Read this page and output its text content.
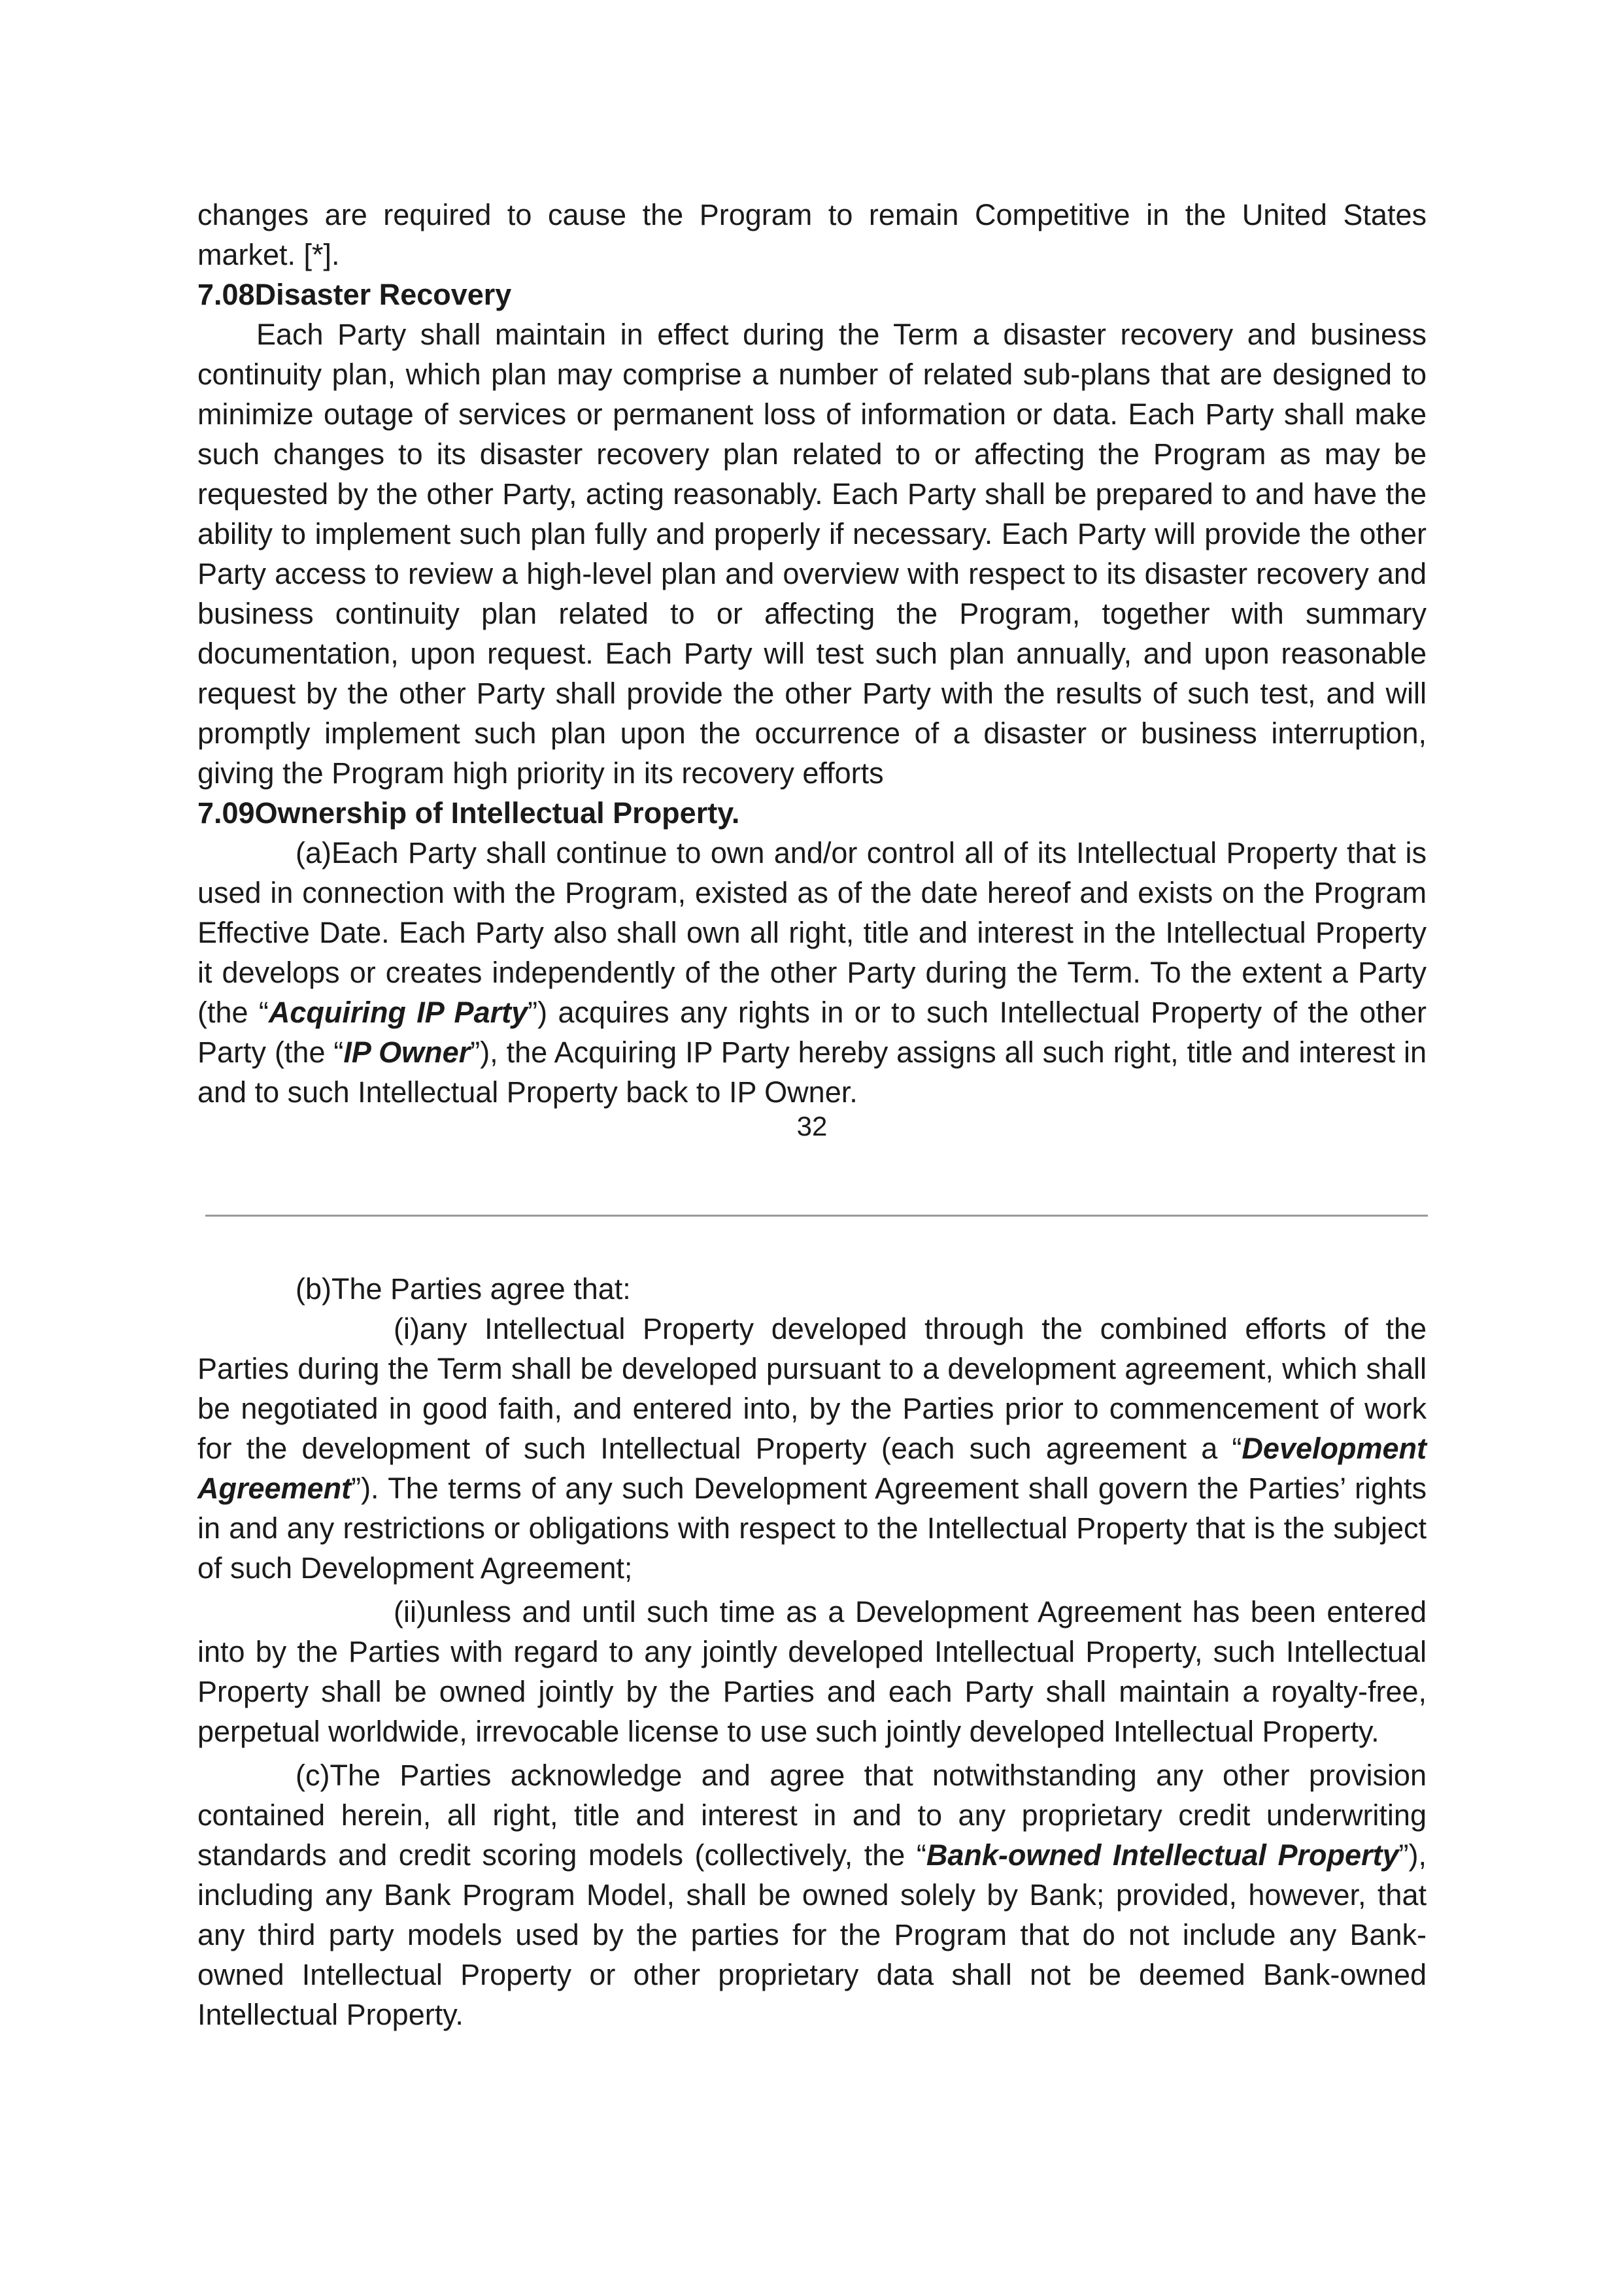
changes are required to cause the Program to remain Competitive in the United States market. [*].

7.08Disaster Recovery

Each Party shall maintain in effect during the Term a disaster recovery and business continuity plan, which plan may comprise a number of related sub-plans that are designed to minimize outage of services or permanent loss of information or data. Each Party shall make such changes to its disaster recovery plan related to or affecting the Program as may be requested by the other Party, acting reasonably. Each Party shall be prepared to and have the ability to implement such plan fully and properly if necessary. Each Party will provide the other Party access to review a high-level plan and overview with respect to its disaster recovery and business continuity plan related to or affecting the Program, together with summary documentation, upon request. Each Party will test such plan annually, and upon reasonable request by the other Party shall provide the other Party with the results of such test, and will promptly implement such plan upon the occurrence of a disaster or business interruption, giving the Program high priority in its recovery efforts

7.09Ownership of Intellectual Property.

(a)Each Party shall continue to own and/or control all of its Intellectual Property that is used in connection with the Program, existed as of the date hereof and exists on the Program Effective Date. Each Party also shall own all right, title and interest in the Intellectual Property it develops or creates independently of the other Party during the Term. To the extent a Party (the “Acquiring IP Party”) acquires any rights in or to such Intellectual Property of the other Party (the “IP Owner”), the Acquiring IP Party hereby assigns all such right, title and interest in and to such Intellectual Property back to IP Owner.

32

(b)The Parties agree that:

(i)any Intellectual Property developed through the combined efforts of the Parties during the Term shall be developed pursuant to a development agreement, which shall be negotiated in good faith, and entered into, by the Parties prior to commencement of work for the development of such Intellectual Property (each such agreement a “Development Agreement”). The terms of any such Development Agreement shall govern the Parties’ rights in and any restrictions or obligations with respect to the Intellectual Property that is the subject of such Development Agreement;

(ii)unless and until such time as a Development Agreement has been entered into by the Parties with regard to any jointly developed Intellectual Property, such Intellectual Property shall be owned jointly by the Parties and each Party shall maintain a royalty-free, perpetual worldwide, irrevocable license to use such jointly developed Intellectual Property.

(c)The Parties acknowledge and agree that notwithstanding any other provision contained herein, all right, title and interest in and to any proprietary credit underwriting standards and credit scoring models (collectively, the “Bank-owned Intellectual Property”), including any Bank Program Model, shall be owned solely by Bank; provided, however, that any third party models used by the parties for the Program that do not include any Bank-owned Intellectual Property or other proprietary data shall not be deemed Bank-owned Intellectual Property.
